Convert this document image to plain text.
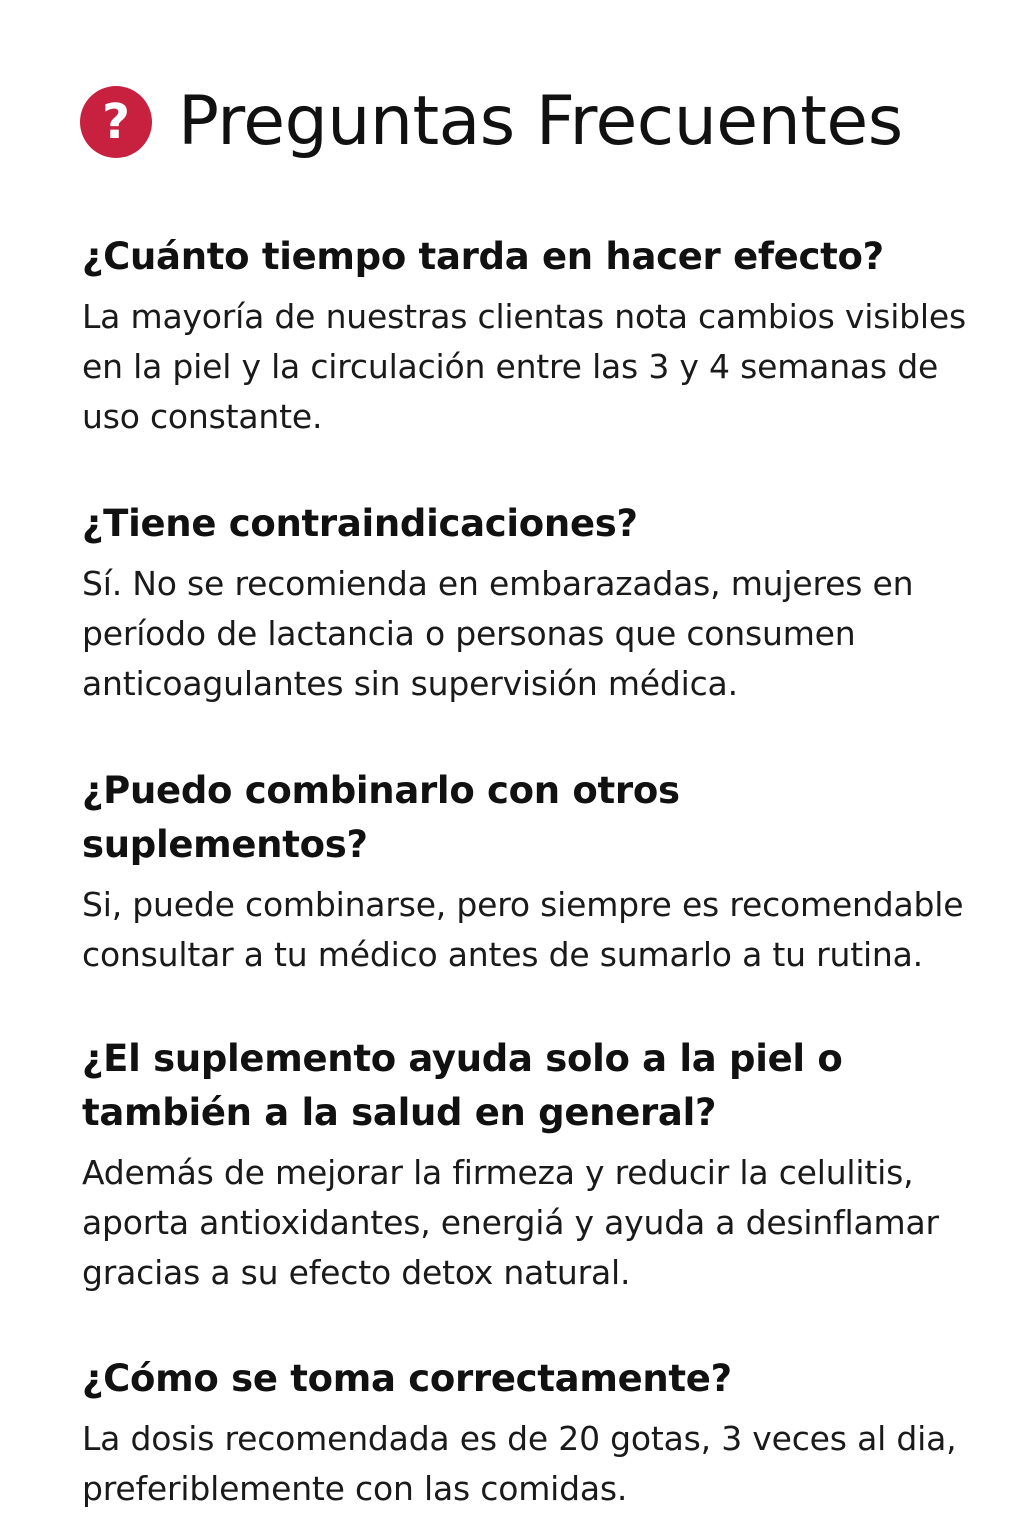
? Preguntas Frecuentes

¿Cuánto tiempo tarda en hacer efecto?

La mayoría de nuestras clientas nota cambios visibles en la piel y la circulación entre las 3 y 4 semanas de uso constante.

¿Tiene contraindicaciones?

Sí. No se recomienda en embarazadas, mujeres en período de lactancia o personas que consumen anticoagulantes sin supervisión médica.

¿Puedo combinarlo con otros suplementos?

Si, puede combinarse, pero siempre es recomendable consultar a tu médico antes de sumarlo a tu rutina.

¿El suplemento ayuda solo a la piel o también a la salud en general?

Además de mejorar la firmeza y reducir la celulitis, aporta antioxidantes, energiá y ayuda a desinflamar gracias a su efecto detox natural.

¿Cómo se toma correctamente?

La dosis recomendada es de 20 gotas, 3 veces al dia, preferiblemente con las comidas.
